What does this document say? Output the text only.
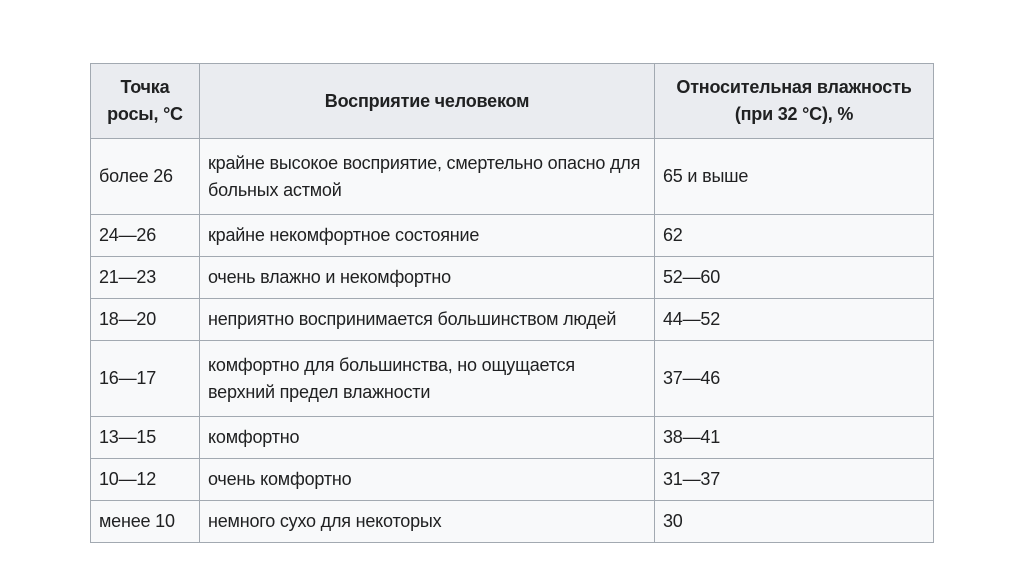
Точка росы, °C	Восприятие человеком	Относительная влажность (при 32 °C), %
более 26	крайне высокое восприятие, смертельно опасно для больных астмой	65 и выше
24—26	крайне некомфортное состояние	62
21—23	очень влажно и некомфортно	52—60
18—20	неприятно воспринимается большинством людей	44—52
16—17	комфортно для большинства, но ощущается верхний предел влажности	37—46
13—15	комфортно	38—41
10—12	очень комфортно	31—37
менее 10	немного сухо для некоторых	30
